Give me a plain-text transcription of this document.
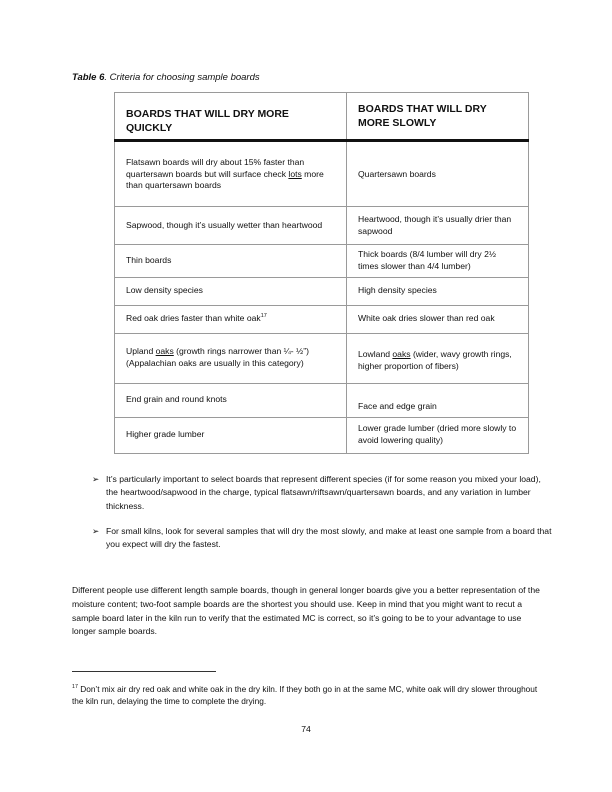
Table 6. Criteria for choosing sample boards
BOARDS THAT WILL DRY MORE QUICKLY	BOARDS THAT WILL DRY MORE SLOWLY
Flatsawn boards will dry about 15% faster than quartersawn boards but will surface check lots more than quartersawn boards	Quartersawn boards
Sapwood, though it’s usually wetter than heartwood	Heartwood, though it’s usually drier than sapwood
Thin boards	Thick boards (8/4 lumber will dry 2½ times slower than 4/4 lumber)
Low density species	High density species
Red oak dries faster than white oak$^{17}$	White oak dries slower than red oak
Upland oaks (growth rings narrower than ¼- ½”) (Appalachian oaks are usually in this category)	Lowland oaks (wider, wavy growth rings, higher proportion of fibers)
End grain and round knots	Face and edge grain
Higher grade lumber	Lower grade lumber (dried more slowly to avoid lowering quality)
➢ It’s particularly important to select boards that represent different species (if for some reason you mixed your load), the heartwood/sapwood in the charge, typical flatsawn/riftsawn/quartersawn boards, and any variation in lumber thickness.
➢ For small kilns, look for several samples that will dry the most slowly, and make at least one sample from a board that you expect will dry the fastest.

Different people use different length sample boards, though in general longer boards give you a better representation of the moisture content; two-foot sample boards are the shortest you should use. Keep in mind that you might want to recut a sample board later in the kiln run to verify that the estimated MC is correct, so it’s going to be to your advantage to use longer sample boards.

$^{17}$ Don’t mix air dry red oak and white oak in the dry kiln. If they both go in at the same MC, white oak will dry slower throughout the kiln run, delaying the time to complete the drying.

74
